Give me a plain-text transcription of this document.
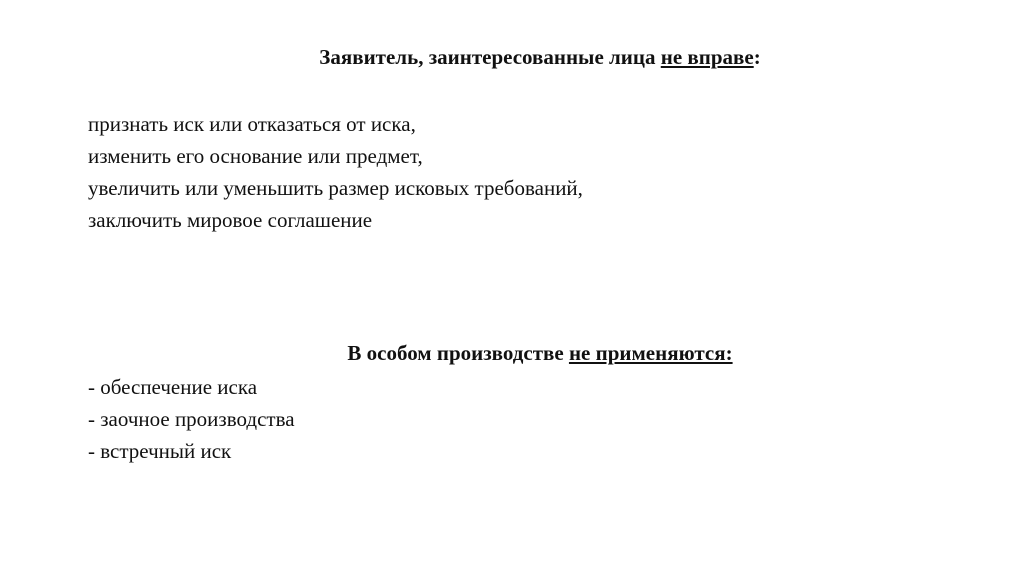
Заявитель, заинтересованные лица не вправе:
признать иск или отказаться от иска,
изменить его основание или предмет,
увеличить или уменьшить размер исковых требований,
заключить мировое соглашение
В особом производстве не применяются:
- обеспечение иска
- заочное производства
- встречный иск
